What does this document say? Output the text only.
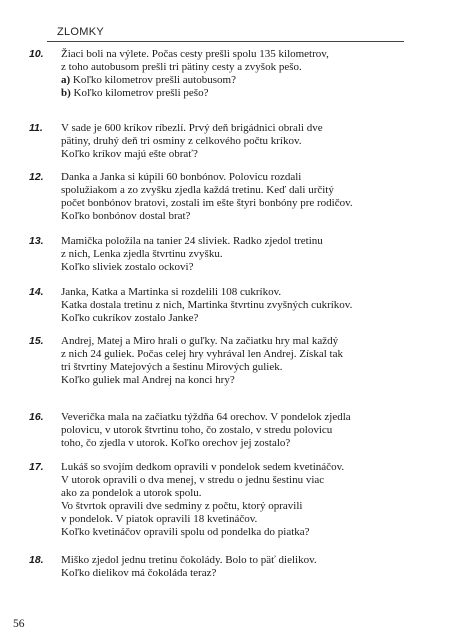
ZLOMKY
10.	Žiaci boli na výlete. Počas cesty prešli spolu 135 kilometrov,
z toho autobusom prešli tri pätiny cesty a zvyšok pešo.
a) Koľko kilometrov prešli autobusom?
b) Koľko kilometrov prešli pešo?
11.	V sade je 600 kríkov ríbezlí. Prvý deň brigádnici obrali dve
pätiny, druhý deň tri osminy z celkového počtu kríkov.
Koľko kríkov majú ešte obrať?
12.	Danka a Janka si kúpili 60 bonbónov. Polovicu rozdali
spolužiakom a zo zvyšku zjedla každá tretinu. Keď dali určitý
počet bonbónov bratovi, zostali im ešte štyri bonbóny pre rodičov.
Koľko bonbónov dostal brat?
13.	Mamička položila na tanier 24 sliviek. Radko zjedol tretinu
z nich, Lenka zjedla štvrtinu zvyšku.
Koľko sliviek zostalo ockovi?
14.	Janka, Katka a Martinka si rozdelili 108 cukríkov.
Katka dostala tretinu z nich, Martinka štvrtinu zvyšných cukríkov.
Koľko cukríkov zostalo Janke?
15.	Andrej, Matej a Miro hrali o guľky. Na začiatku hry mal každý
z nich 24 guliek. Počas celej hry vyhrával len Andrej. Získal tak
tri štvrtiny Matejových a šestinu Mirových guliek.
Koľko guliek mal Andrej na konci hry?
16.	Veverička mala na začiatku týždňa 64 orechov. V pondelok zjedla
polovicu, v utorok štvrtinu toho, čo zostalo, v stredu polovicu
toho, čo zjedla v utorok. Koľko orechov jej zostalo?
17.	Lukáš so svojím dedkom opravili v pondelok sedem kvetináčov.
V utorok opravili o dva menej, v stredu o jednu šestinu viac
ako za pondelok a utorok spolu.
Vo štvrtok opravili dve sedminy z počtu, ktorý opravili
v pondelok. V piatok opravili 18 kvetináčov.
Koľko kvetináčov opravili spolu od pondelka do piatka?
18.	Miško zjedol jednu tretinu čokolády. Bolo to päť dielikov.
Koľko dielikov má čokoláda teraz?
56
